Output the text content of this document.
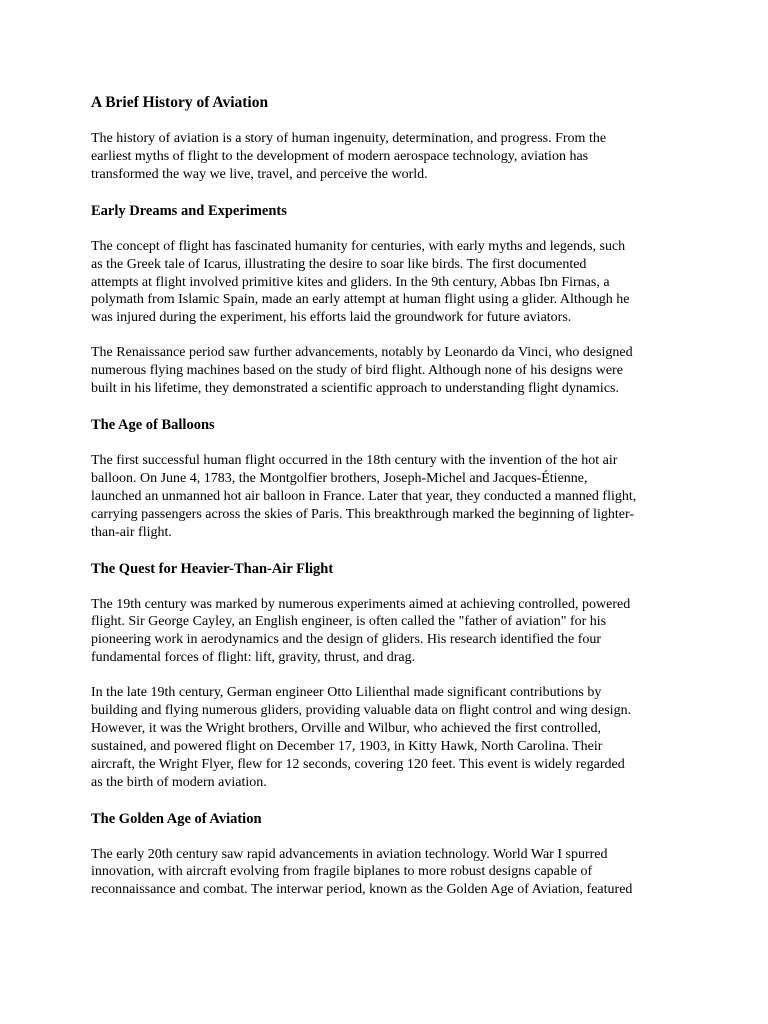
A Brief History of Aviation

The history of aviation is a story of human ingenuity, determination, and progress. From the
earliest myths of flight to the development of modern aerospace technology, aviation has
transformed the way we live, travel, and perceive the world.

Early Dreams and Experiments

The concept of flight has fascinated humanity for centuries, with early myths and legends, such
as the Greek tale of Icarus, illustrating the desire to soar like birds. The first documented
attempts at flight involved primitive kites and gliders. In the 9th century, Abbas Ibn Firnas, a
polymath from Islamic Spain, made an early attempt at human flight using a glider. Although he
was injured during the experiment, his efforts laid the groundwork for future aviators.

The Renaissance period saw further advancements, notably by Leonardo da Vinci, who designed
numerous flying machines based on the study of bird flight. Although none of his designs were
built in his lifetime, they demonstrated a scientific approach to understanding flight dynamics.

The Age of Balloons

The first successful human flight occurred in the 18th century with the invention of the hot air
balloon. On June 4, 1783, the Montgolfier brothers, Joseph-Michel and Jacques-Étienne,
launched an unmanned hot air balloon in France. Later that year, they conducted a manned flight,
carrying passengers across the skies of Paris. This breakthrough marked the beginning of lighter-
than-air flight.

The Quest for Heavier-Than-Air Flight

The 19th century was marked by numerous experiments aimed at achieving controlled, powered
flight. Sir George Cayley, an English engineer, is often called the "father of aviation" for his
pioneering work in aerodynamics and the design of gliders. His research identified the four
fundamental forces of flight: lift, gravity, thrust, and drag.

In the late 19th century, German engineer Otto Lilienthal made significant contributions by
building and flying numerous gliders, providing valuable data on flight control and wing design.
However, it was the Wright brothers, Orville and Wilbur, who achieved the first controlled,
sustained, and powered flight on December 17, 1903, in Kitty Hawk, North Carolina. Their
aircraft, the Wright Flyer, flew for 12 seconds, covering 120 feet. This event is widely regarded
as the birth of modern aviation.

The Golden Age of Aviation

The early 20th century saw rapid advancements in aviation technology. World War I spurred
innovation, with aircraft evolving from fragile biplanes to more robust designs capable of
reconnaissance and combat. The interwar period, known as the Golden Age of Aviation, featured
